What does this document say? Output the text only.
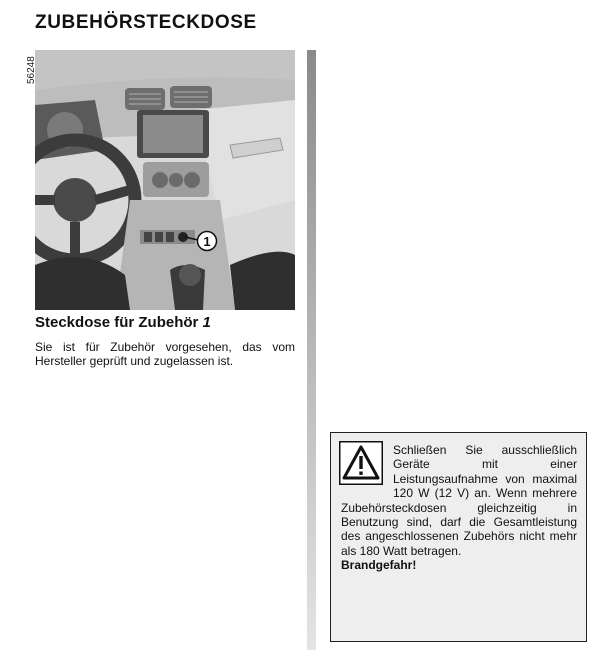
ZUBEHÖRSTECKDOSE
1
56248
Steckdose für Zubehör 1

Sie ist für Zubehör vorgesehen, das vom Hersteller geprüft und zugelassen ist.

Schließen Sie ausschließlich Geräte mit einer Leistungsaufnahme von maximal 120 W (12 V) an. Wenn mehrere Zubehörsteckdosen gleichzeitig in Benutzung sind, darf die Gesamtleistung des angeschlossenen Zubehörs nicht mehr als 180 Watt betragen.
Brandgefahr!
